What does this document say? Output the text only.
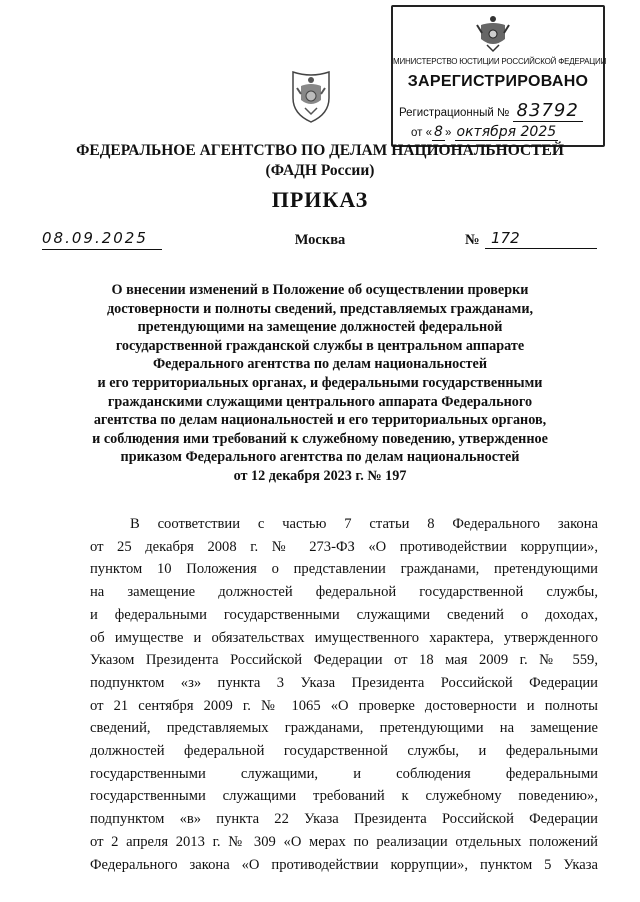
МИНИСТЕРСТВО ЮСТИЦИИ РОССИЙСКОЙ ФЕДЕРАЦИИ
ЗАРЕГИСТРИРОВАНО
Регистрационный № 83792
от « 8 » октября 2025
ФЕДЕРАЛЬНОЕ АГЕНТСТВО ПО ДЕЛАМ НАЦИОНАЛЬНОСТЕЙ
(ФАДН России)
ПРИКАЗ
08.09.2025	Москва	№ 172
О внесении изменений в Положение об осуществлении проверки
достоверности и полноты сведений, представляемых гражданами,
претендующими на замещение должностей федеральной
государственной гражданской службы в центральном аппарате
Федерального агентства по делам национальностей
и его территориальных органах, и федеральными государственными
гражданскими служащими центрального аппарата Федерального
агентства по делам национальностей и его территориальных органов,
и соблюдения ими требований к служебному поведению, утвержденное
приказом Федерального агентства по делам национальностей
от 12 декабря 2023 г. № 197
В соответствии с частью 7 статьи 8 Федерального закона
от 25 декабря 2008 г. № 273-ФЗ «О противодействии коррупции»,
пунктом 10 Положения о представлении гражданами, претендующими
на замещение должностей федеральной государственной службы,
и федеральными государственными служащими сведений о доходах,
об имуществе и обязательствах имущественного характера, утвержденного
Указом Президента Российской Федерации от 18 мая 2009 г. № 559,
подпунктом «з» пункта 3 Указа Президента Российской Федерации
от 21 сентября 2009 г. № 1065 «О проверке достоверности и полноты
сведений, представляемых гражданами, претендующими на замещение
должностей федеральной государственной службы, и федеральными
государственными служащими, и соблюдения федеральными
государственными служащими требований к служебному поведению»,
подпунктом «в» пункта 22 Указа Президента Российской Федерации
от 2 апреля 2013 г. № 309 «О мерах по реализации отдельных положений
Федерального закона «О противодействии коррупции», пунктом 5 Указа
